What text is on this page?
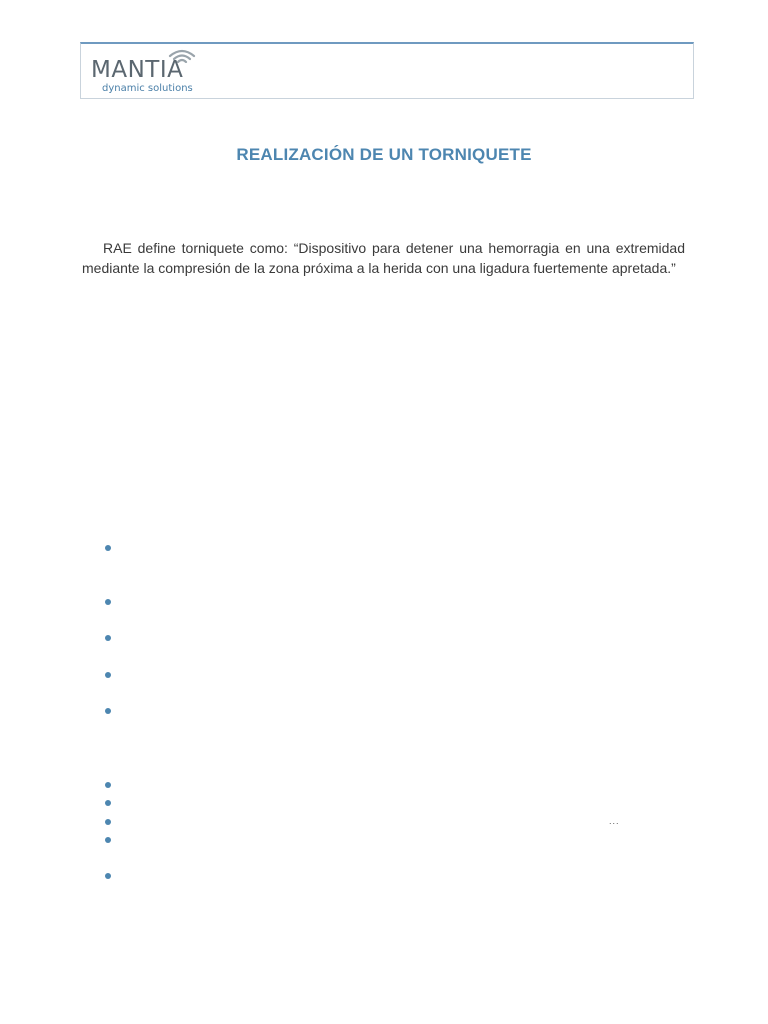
MANTIA
dynamic solutions
REALIZACIÓN DE UN TORNIQUETE

RAE define torniquete como: “Dispositivo para detener una hemorragia en una extremidad mediante la compresión de la zona próxima a la herida con una ligadura fuertemente apretada.”

...
